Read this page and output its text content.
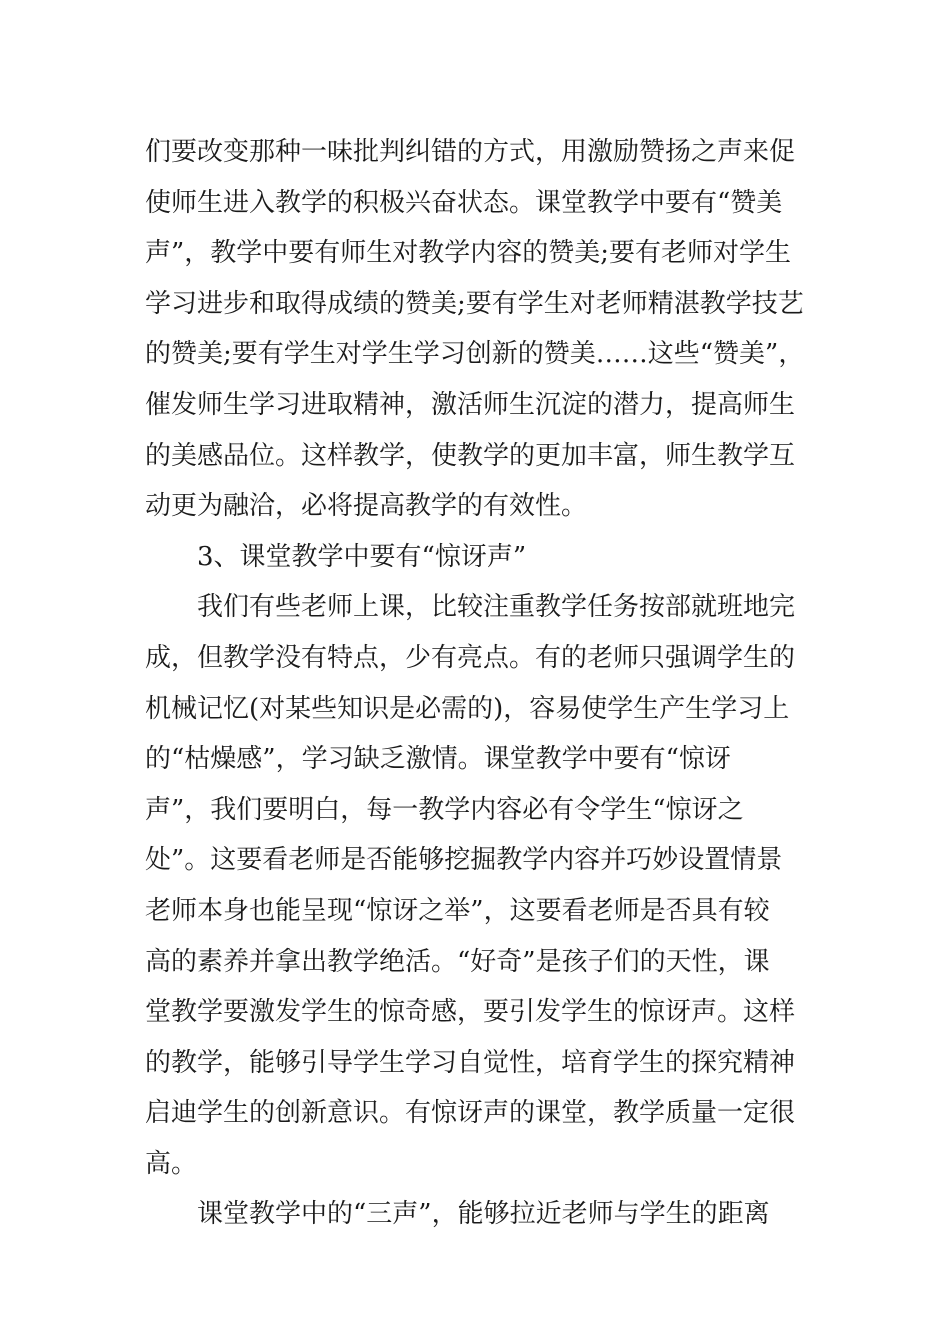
们要改变那种一味批判纠错的方式，用激励赞扬之声来促
使师生进入教学的积极兴奋状态。课堂教学中要有“赞美
声”，教学中要有师生对教学内容的赞美;要有老师对学生
学习进步和取得成绩的赞美;要有学生对老师精湛教学技艺
的赞美;要有学生对学生学习创新的赞美……这些“赞美”，
催发师生学习进取精神，激活师生沉淀的潜力，提高师生
的美感品位。这样教学，使教学的更加丰富，师生教学互
动更为融洽，必将提高教学的有效性。
3、课堂教学中要有“惊讶声”
我们有些老师上课，比较注重教学任务按部就班地完
成，但教学没有特点，少有亮点。有的老师只强调学生的
机械记忆(对某些知识是必需的)，容易使学生产生学习上
的“枯燥感”，学习缺乏激情。课堂教学中要有“惊讶
声”，我们要明白，每一教学内容必有令学生“惊讶之
处”。这要看老师是否能够挖掘教学内容并巧妙设置情景
老师本身也能呈现“惊讶之举”，这要看老师是否具有较
高的素养并拿出教学绝活。“好奇”是孩子们的天性，课
堂教学要激发学生的惊奇感，要引发学生的惊讶声。这样
的教学，能够引导学生学习自觉性，培育学生的探究精神
启迪学生的创新意识。有惊讶声的课堂，教学质量一定很
高。
课堂教学中的“三声”，能够拉近老师与学生的距离
